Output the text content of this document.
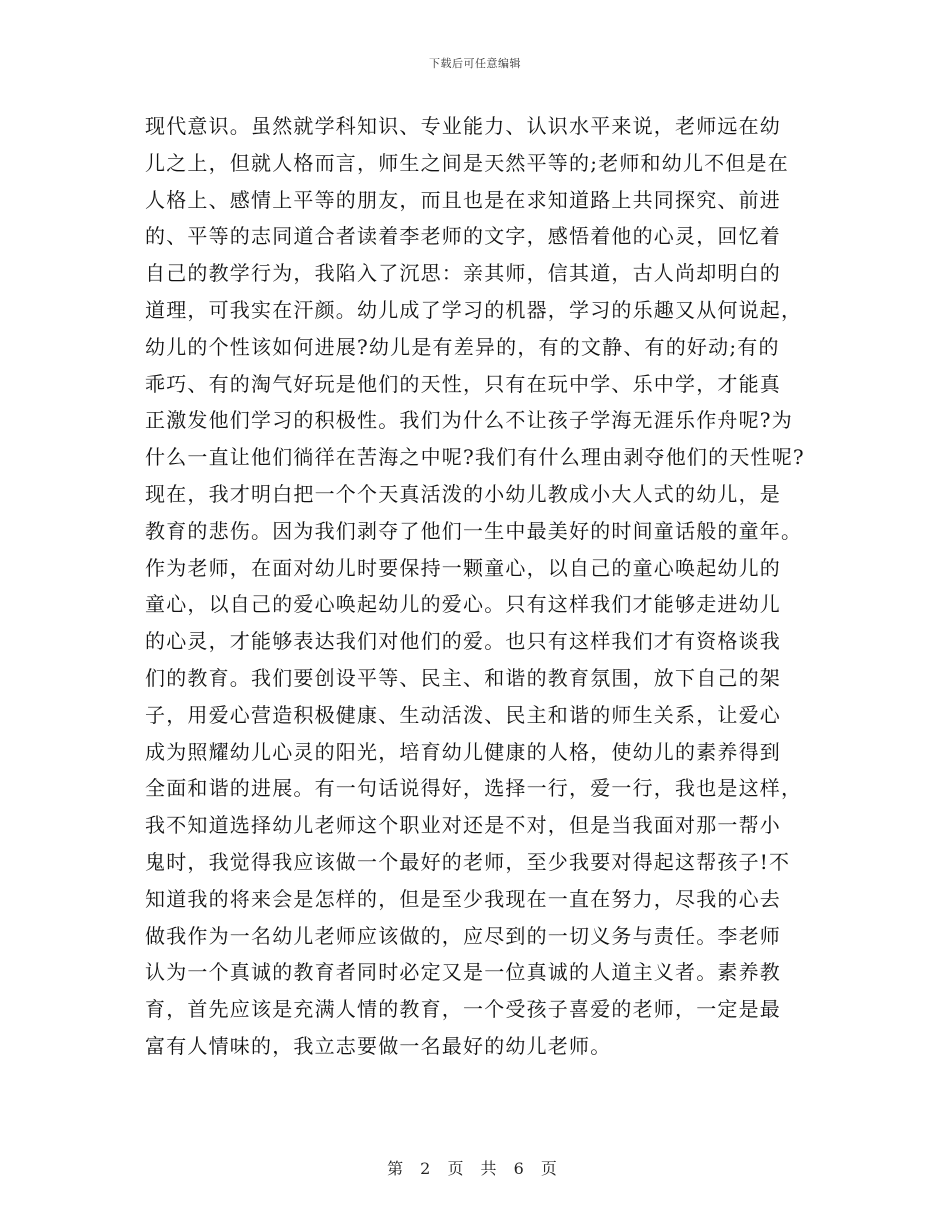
下载后可任意编辑
现代意识。虽然就学科知识、专业能力、认识水平来说，老师远在幼
儿之上，但就人格而言，师生之间是天然平等的;老师和幼儿不但是在
人格上、感情上平等的朋友，而且也是在求知道路上共同探究、前进
的、平等的志同道合者读着李老师的文字，感悟着他的心灵，回忆着
自己的教学行为，我陷入了沉思：亲其师，信其道，古人尚却明白的
道理，可我实在汗颜。幼儿成了学习的机器，学习的乐趣又从何说起，
幼儿的个性该如何进展?幼儿是有差异的，有的文静、有的好动;有的
乖巧、有的淘气好玩是他们的天性，只有在玩中学、乐中学，才能真
正激发他们学习的积极性。我们为什么不让孩子学海无涯乐作舟呢?为
什么一直让他们徜徉在苦海之中呢?我们有什么理由剥夺他们的天性呢?
现在，我才明白把一个个天真活泼的小幼儿教成小大人式的幼儿，是
教育的悲伤。因为我们剥夺了他们一生中最美好的时间童话般的童年。
作为老师，在面对幼儿时要保持一颗童心，以自己的童心唤起幼儿的
童心，以自己的爱心唤起幼儿的爱心。只有这样我们才能够走进幼儿
的心灵，才能够表达我们对他们的爱。也只有这样我们才有资格谈我
们的教育。我们要创设平等、民主、和谐的教育氛围，放下自己的架
子，用爱心营造积极健康、生动活泼、民主和谐的师生关系，让爱心
成为照耀幼儿心灵的阳光，培育幼儿健康的人格，使幼儿的素养得到
全面和谐的进展。有一句话说得好，选择一行，爱一行，我也是这样，
我不知道选择幼儿老师这个职业对还是不对，但是当我面对那一帮小
鬼时，我觉得我应该做一个最好的老师，至少我要对得起这帮孩子!不
知道我的将来会是怎样的，但是至少我现在一直在努力，尽我的心去
做我作为一名幼儿老师应该做的，应尽到的一切义务与责任。李老师
认为一个真诚的教育者同时必定又是一位真诚的人道主义者。素养教
育，首先应该是充满人情的教育，一个受孩子喜爱的老师，一定是最
富有人情味的，我立志要做一名最好的幼儿老师。
第 2 页 共 6 页
